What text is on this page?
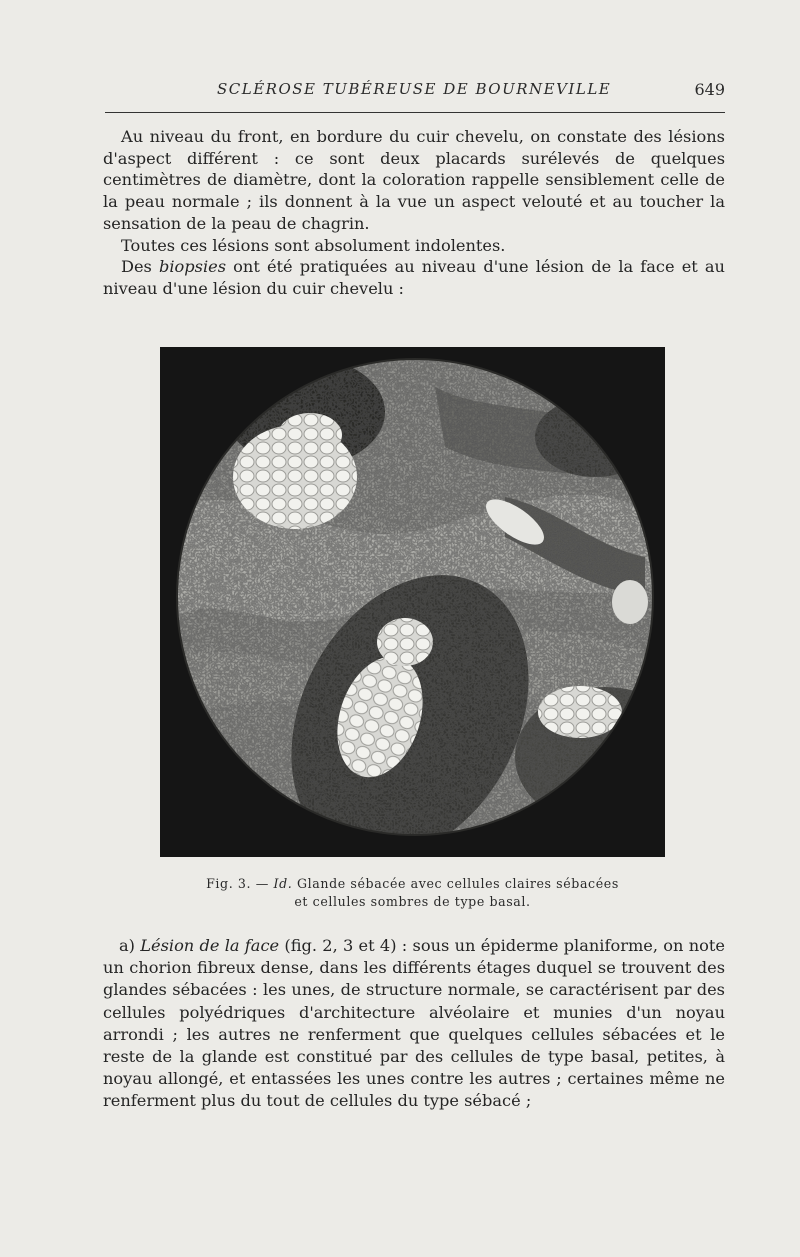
SCLÉROSE TUBÉREUSE DE BOURNEVILLE	649

Au niveau du front, en bordure du cuir chevelu, on constate des lésions d'aspect différent : ce sont deux placards surélevés de quelques centimètres de diamètre, dont la coloration rappelle sensiblement celle de la peau normale ; ils donnent à la vue un aspect velouté et au toucher la sensation de la peau de chagrin.

Toutes ces lésions sont absolument indolentes.

Des biopsies ont été pratiquées au niveau d'une lésion de la face et au niveau d'une lésion du cuir chevelu :

Fig. 3. — Id. Glande sébacée avec cellules claires sébacées
et cellules sombres de type basal.

a) Lésion de la face (fig. 2, 3 et 4) : sous un épiderme planiforme, on note un chorion fibreux dense, dans les différents étages duquel se trouvent des glandes sébacées : les unes, de structure normale, se caractérisent par des cellules polyédriques d'architecture alvéolaire et munies d'un noyau arrondi ; les autres ne renferment que quelques cellules sébacées et le reste de la glande est constitué par des cellules de type basal, petites, à noyau allongé, et entassées les unes contre les autres ; certaines même ne renferment plus du tout de cellules du type sébacé ;
